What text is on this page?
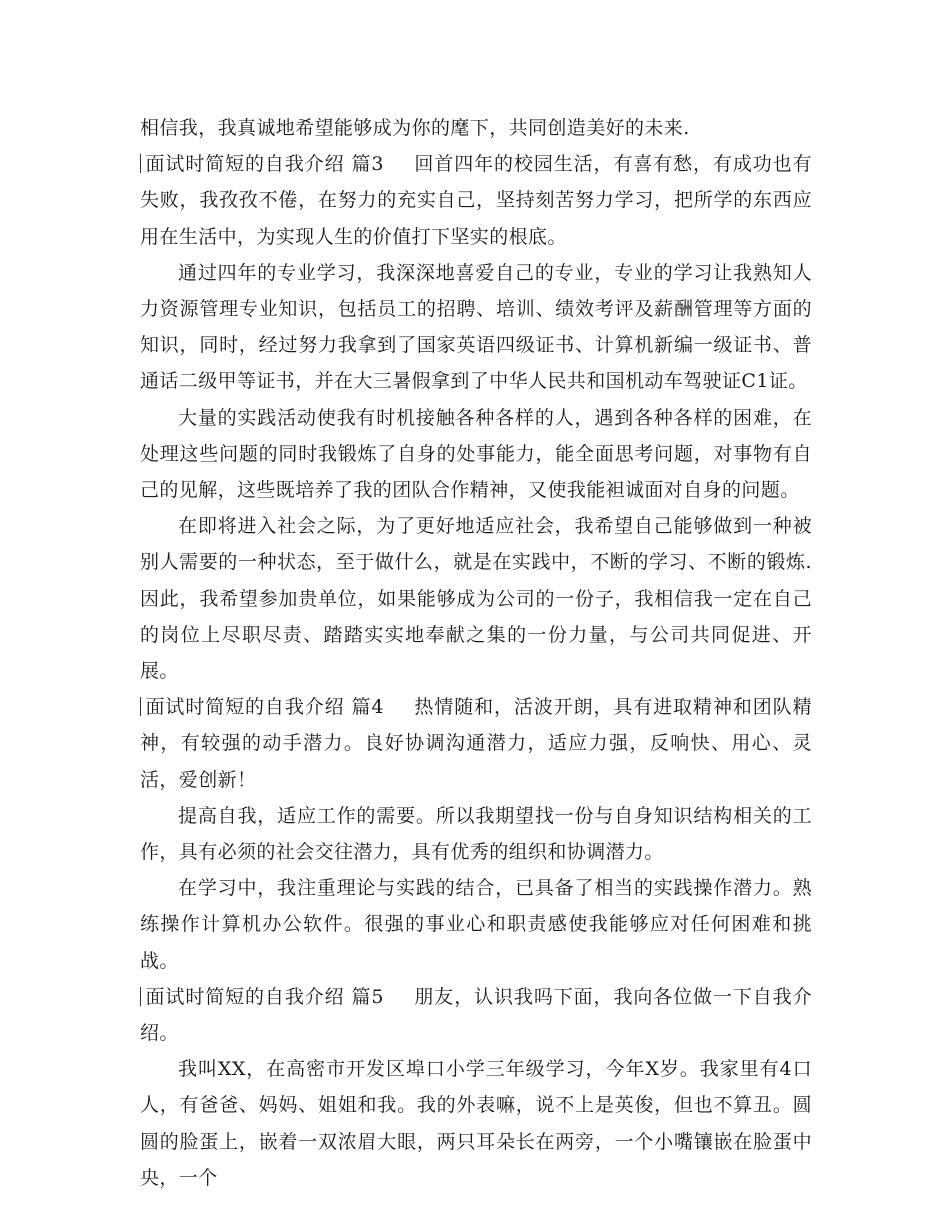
相信我，我真诚地希望能够成为你的麾下，共同创造美好的未来.

面试时简短的自我介绍 篇3 回首四年的校园生活，有喜有愁，有成功也有失败，我孜孜不倦，在努力的充实自己，坚持刻苦努力学习，把所学的东西应用在生活中，为实现人生的价值打下坚实的根底。

通过四年的专业学习，我深深地喜爱自己的专业，专业的学习让我熟知人力资源管理专业知识，包括员工的招聘、培训、绩效考评及薪酬管理等方面的知识，同时，经过努力我拿到了国家英语四级证书、计算机新编一级证书、普通话二级甲等证书，并在大三暑假拿到了中华人民共和国机动车驾驶证C1证。

大量的实践活动使我有时机接触各种各样的人，遇到各种各样的困难，在处理这些问题的同时我锻炼了自身的处事能力，能全面思考问题，对事物有自己的见解，这些既培养了我的团队合作精神，又使我能袒诚面对自身的问题。

在即将进入社会之际，为了更好地适应社会，我希望自己能够做到一种被别人需要的一种状态，至于做什么，就是在实践中，不断的学习、不断的锻炼.因此，我希望参加贵单位，如果能够成为公司的一份子，我相信我一定在自己的岗位上尽职尽责、踏踏实实地奉献之集的一份力量，与公司共同促进、开展。

面试时简短的自我介绍 篇4 热情随和，活波开朗，具有进取精神和团队精神，有较强的动手潜力。良好协调沟通潜力，适应力强，反响快、用心、灵活，爱创新！

提高自我，适应工作的需要。所以我期望找一份与自身知识结构相关的工作，具有必须的社会交往潜力，具有优秀的组织和协调潜力。

在学习中，我注重理论与实践的结合，已具备了相当的实践操作潜力。熟练操作计算机办公软件。很强的事业心和职责感使我能够应对任何困难和挑战。

面试时简短的自我介绍 篇5 朋友，认识我吗下面，我向各位做一下自我介绍。

我叫XX，在高密市开发区埠口小学三年级学习，今年X岁。我家里有4口人，有爸爸、妈妈、姐姐和我。我的外表嘛，说不上是英俊，但也不算丑。圆圆的脸蛋上，嵌着一双浓眉大眼，两只耳朵长在两旁，一个小嘴镶嵌在脸蛋中央，一个
